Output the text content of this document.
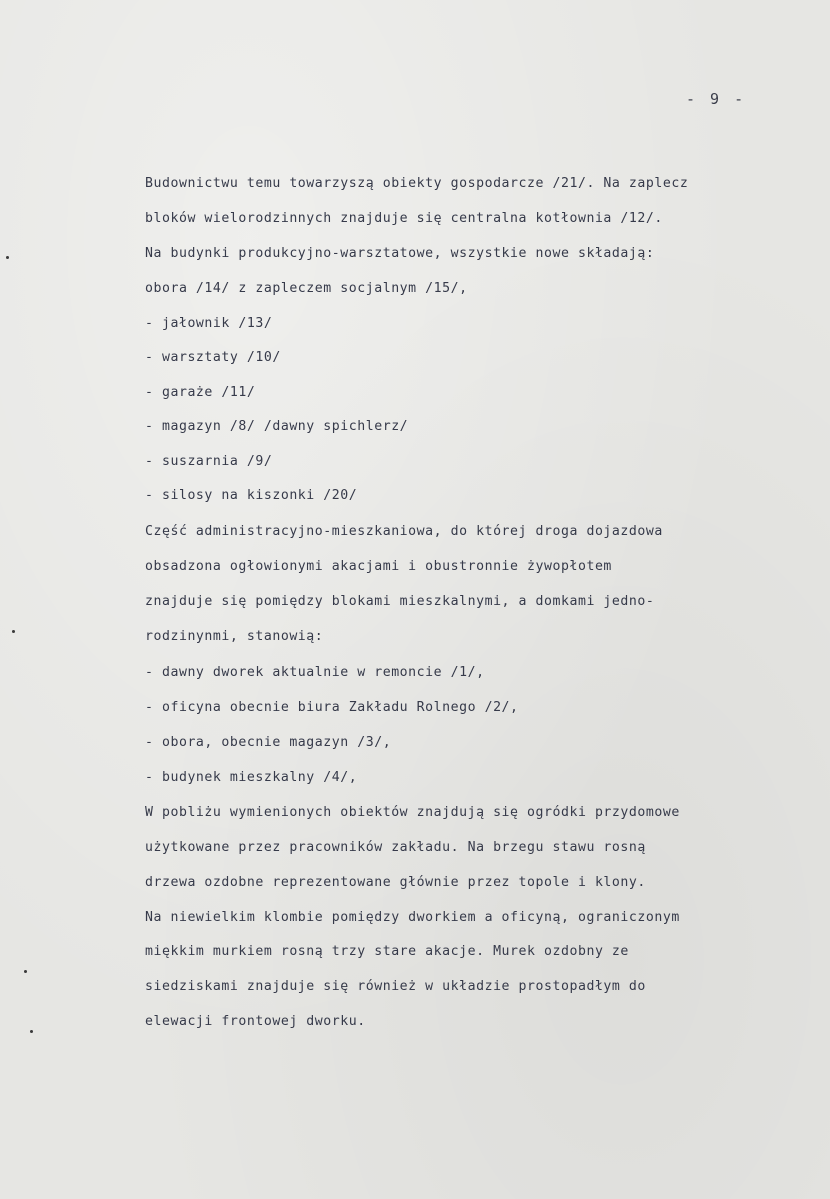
- 9 -
Budownictwu temu towarzyszą obiekty gospodarcze /21/. Na zaplecz
bloków wielorodzinnych znajduje się centralna kotłownia /12/.
Na budynki produkcyjno-warsztatowe, wszystkie nowe składają:
obora /14/ z zapleczem socjalnym /15/,
- jałownik /13/
- warsztaty /10/
- garaże /11/
- magazyn /8/ /dawny spichlerz/
- suszarnia /9/
- silosy na kiszonki /20/
Część administracyjno-mieszkaniowa, do której droga dojazdowa
obsadzona ogłowionymi akacjami i obustronnie żywopłotem
znajduje się pomiędzy blokami mieszkalnymi, a domkami jedno-
rodzinynmi, stanowią:
- dawny dworek aktualnie w remoncie /1/,
- oficyna obecnie biura Zakładu Rolnego /2/,
- obora, obecnie magazyn /3/,
- budynek mieszkalny /4/,
W pobliżu wymienionych obiektów znajdują się ogródki przydomowe
użytkowane przez pracowników zakładu. Na brzegu stawu rosną
drzewa ozdobne reprezentowane głównie przez topole i klony.
Na niewielkim klombie pomiędzy dworkiem a oficyną, ograniczonym
miękkim murkiem rosną trzy stare akacje. Murek ozdobny ze
siedziskami znajduje się również w układzie prostopadłym do
elewacji frontowej dworku.
